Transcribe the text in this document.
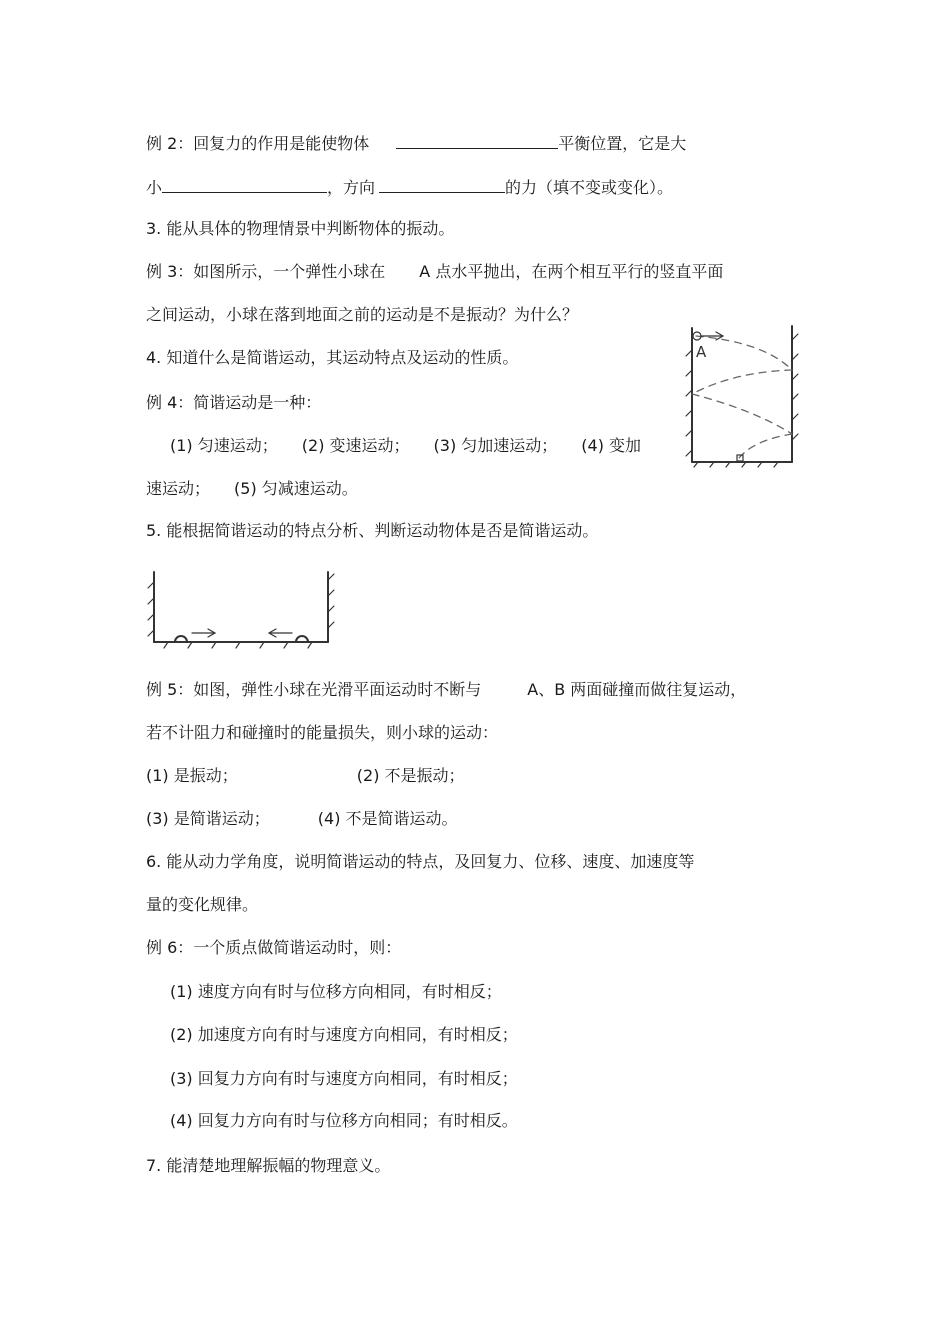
例 2：回复力的作用是能使物体	平衡位置，它是大
小	，方向	的力（填不变或变化）。
3. 能从具体的物理情景中判断物体的振动。
例 3：如图所示，一个弹性小球在 A 点水平抛出，在两个相互平行的竖直平面
之间运动，小球在落到地面之前的运动是不是振动？为什么？
4. 知道什么是简谐运动，其运动特点及运动的性质。
例 4：简谐运动是一种：
(1) 匀速运动； (2) 变速运动； (3) 匀加速运动； (4) 变加
速运动； (5) 匀减速运动。
A
5. 能根据简谐运动的特点分析、判断运动物体是否是简谐运动。
例 5：如图，弹性小球在光滑平面运动时不断与	A、B 两面碰撞而做往复运动，
若不计阻力和碰撞时的能量损失，则小球的运动：
(1) 是振动；	(2) 不是振动；
(3) 是简谐运动；	(4) 不是简谐运动。
6. 能从动力学角度，说明简谐运动的特点，及回复力、位移、速度、加速度等
量的变化规律。
例 6：一个质点做简谐运动时，则：
(1) 速度方向有时与位移方向相同，有时相反；
(2) 加速度方向有时与速度方向相同，有时相反；
(3) 回复力方向有时与速度方向相同，有时相反；
(4) 回复力方向有时与位移方向相同；有时相反。
7. 能清楚地理解振幅的物理意义。
